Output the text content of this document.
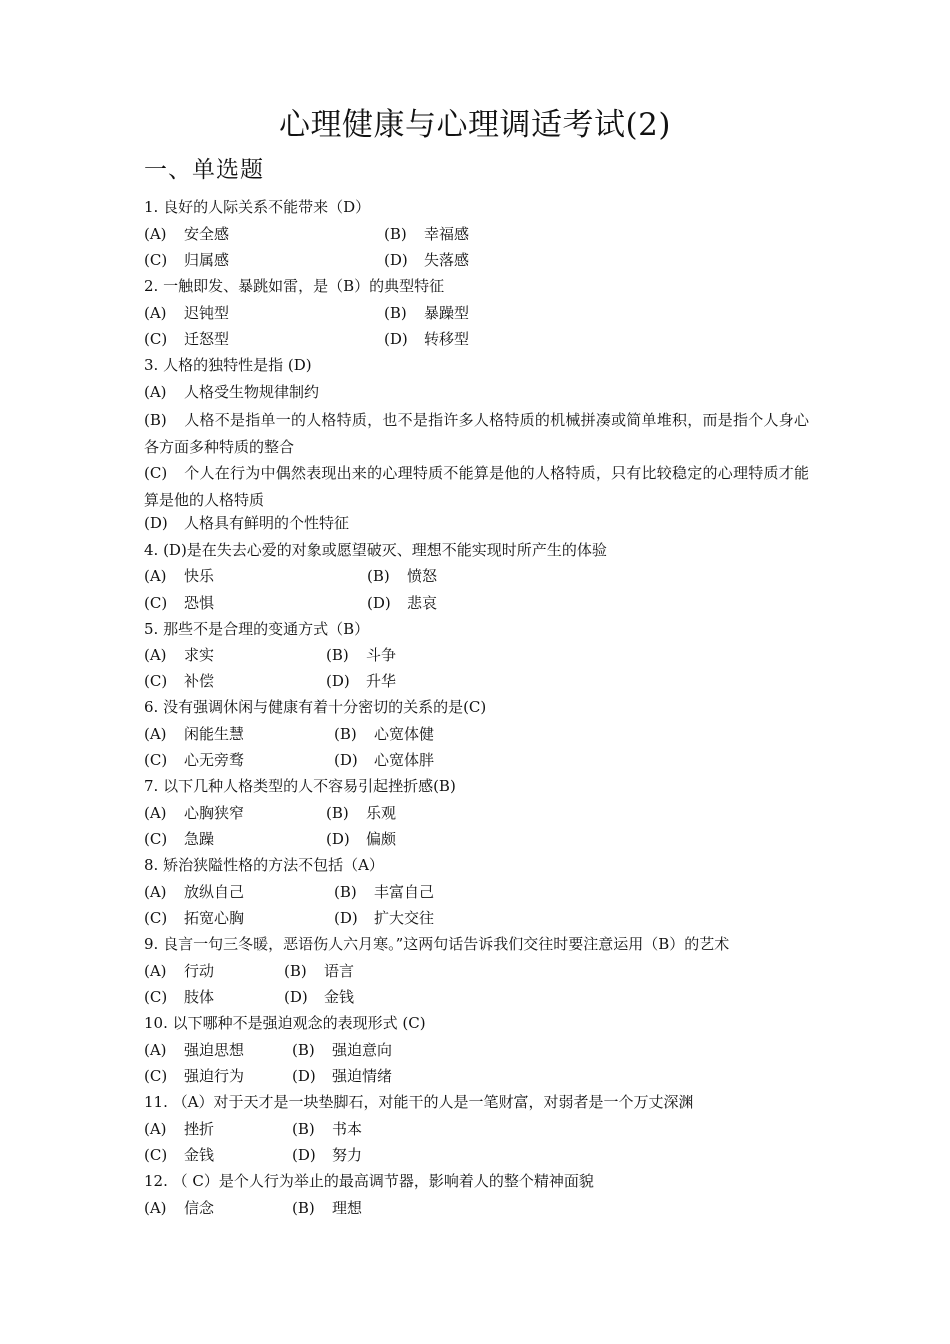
心理健康与心理调适考试(2)
一、单选题
1. 良好的人际关系不能带来（D）
(A) 安全感	(B) 幸福感
(C) 归属感	(D) 失落感
2. 一触即发、暴跳如雷，是（B）的典型特征
(A) 迟钝型	(B) 暴躁型
(C) 迁怒型	(D) 转移型
3. 人格的独特性是指 (D)
(A) 人格受生物规律制约
(B) 人格不是指单一的人格特质，也不是指许多人格特质的机械拼凑或简单堆积，而是指个人身心各方面多种特质的整合
(C) 个人在行为中偶然表现出来的心理特质不能算是他的人格特质，只有比较稳定的心理特质才能算是他的人格特质
(D) 人格具有鲜明的个性特征
4. (D)是在失去心爱的对象或愿望破灭、理想不能实现时所产生的体验
(A) 快乐	(B) 愤怒
(C) 恐惧	(D) 悲哀
5. 那些不是合理的变通方式（B）
(A) 求实	(B) 斗争
(C) 补偿	(D) 升华
6. 没有强调休闲与健康有着十分密切的关系的是(C)
(A) 闲能生慧	(B) 心宽体健
(C) 心无旁骛	(D) 心宽体胖
7. 以下几种人格类型的人不容易引起挫折感(B)
(A) 心胸狭窄	(B) 乐观
(C) 急躁	(D) 偏颇
8. 矫治狭隘性格的方法不包括（A）
(A) 放纵自己	(B) 丰富自己
(C) 拓宽心胸	(D) 扩大交往
9. 良言一句三冬暖，恶语伤人六月寒。”这两句话告诉我们交往时要注意运用（B）的艺术
(A) 行动	(B) 语言
(C) 肢体	(D) 金钱
10. 以下哪种不是强迫观念的表现形式 (C)
(A) 强迫思想	(B) 强迫意向
(C) 强迫行为	(D) 强迫情绪
11. （A）对于天才是一块垫脚石，对能干的人是一笔财富，对弱者是一个万丈深渊
(A) 挫折	(B) 书本
(C) 金钱	(D) 努力
12. （ C）是个人行为举止的最高调节器，影响着人的整个精神面貌
(A) 信念	(B) 理想
